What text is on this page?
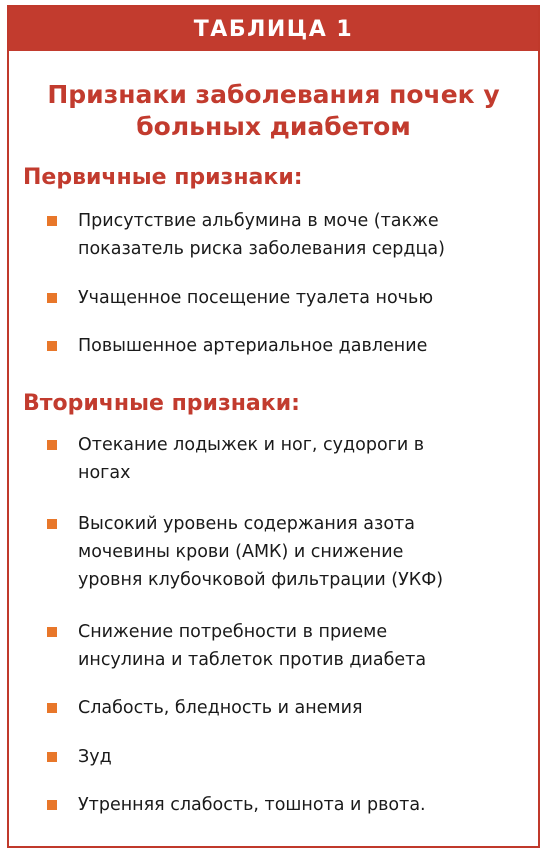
ТАБЛИЦА 1
Признаки заболевания почек у
больных диабетом
Первичные признаки:
Присутствие альбумина в моче (также
показатель риска заболевания сердца)
Учащенное посещение туалета ночью
Повышенное артериальное давление
Вторичные признаки:
Отекание лодыжек и ног, судороги в
ногах
Высокий уровень содержания азота
мочевины крови (АМК) и снижение
уровня клубочковой фильтрации (УКФ)
Снижение потребности в приеме
инсулина и таблеток против диабета
Слабость, бледность и анемия
Зуд
Утренняя слабость, тошнота и рвота.
